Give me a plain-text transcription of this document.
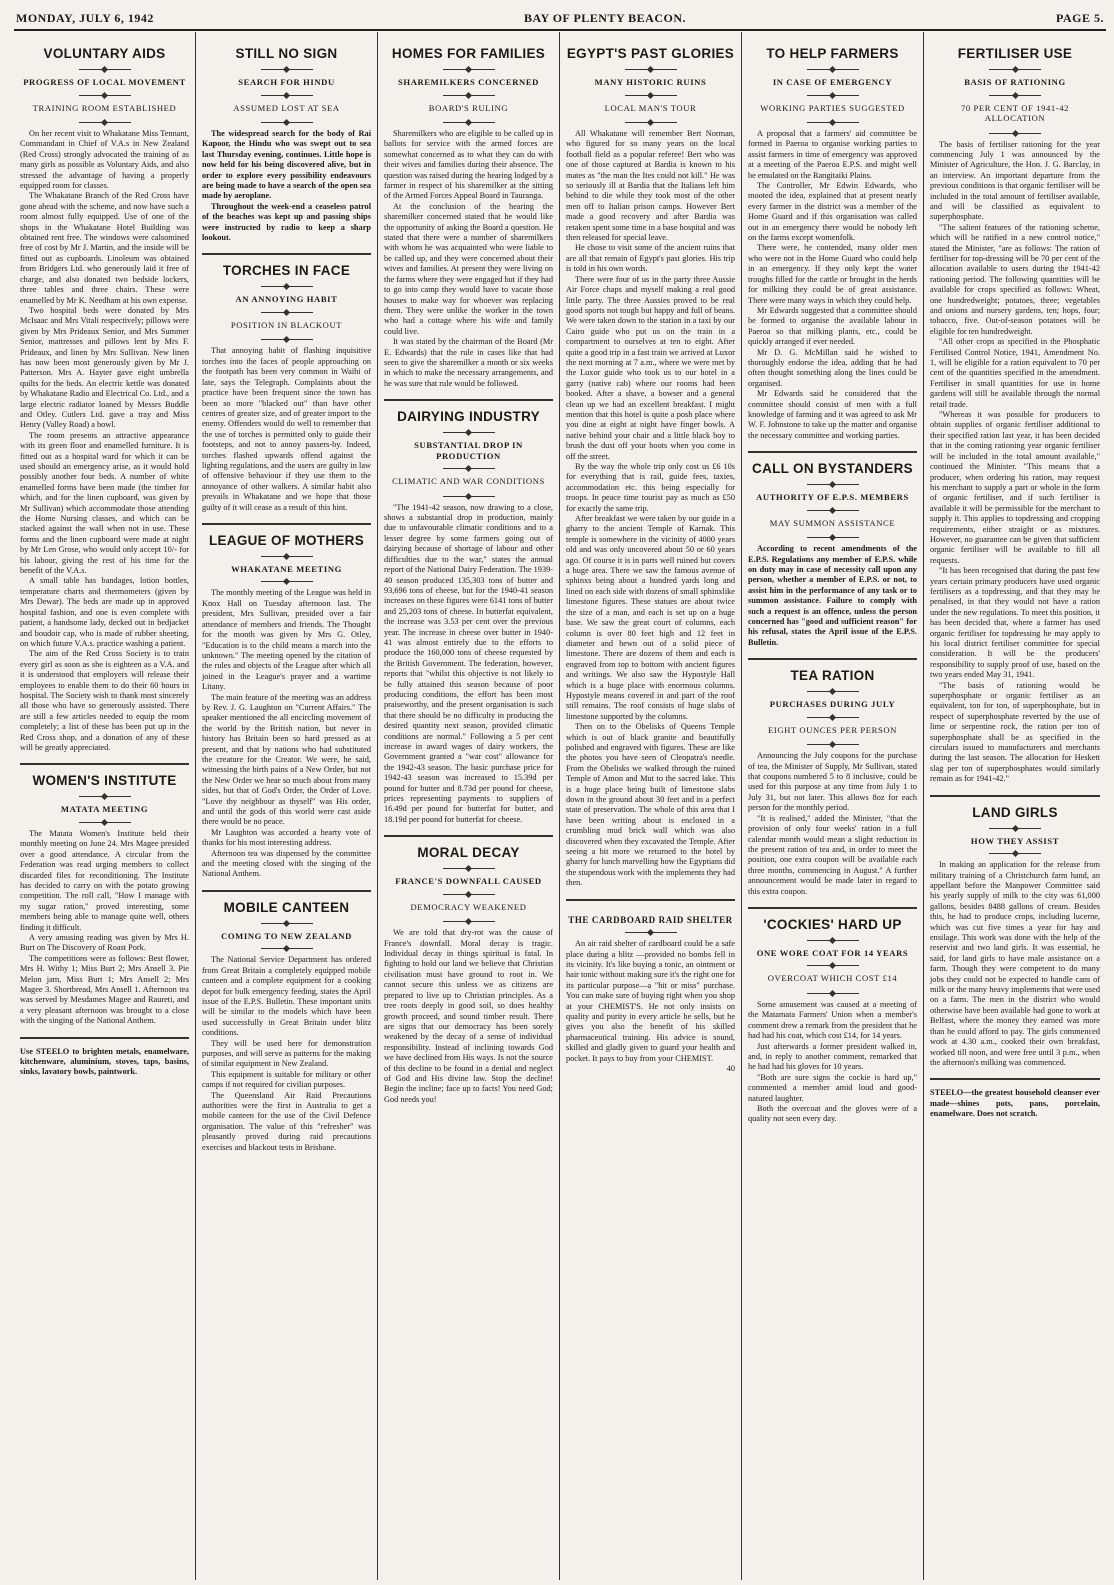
MONDAY, JULY 6, 1942	BAY OF PLENTY BEACON.	PAGE 5.
VOLUNTARY AIDS
PROGRESS OF LOCAL MOVEMENT
TRAINING ROOM ESTABLISHED

On her recent visit to Whakatane Miss Tennant, Commandant in Chief of V.A.s in New Zealand (Red Cross) strongly advocated the training of as many girls as possible as Voluntary Aids, and also stressed the advantage of having a properly equipped room for classes.

The Whakatane Branch of the Red Cross have gone ahead with the scheme, and now have such a room almost fully equipped. Use of one of the shops in the Whakatane Hotel Building was obtained rent free. The windows were calsomined free of cost by Mr J. Martin, and the inside will be fitted out as cupboards. Linoleum was obtained from Bridgers Ltd. who generously laid it free of charge, and also donated two bedside lockers, three tables and three chairs. These were enamelled by Mr K. Needham at his own expense.

Two hospital beds were donated by Mrs McIsaac and Mrs Vitali respectively; pillows were given by Mrs Prideaux Senior, and Mrs Summer Senior, mattresses and pillows lent by Mrs F. Prideaux, and linen by Mrs Sullivan. New linen has now been most generously given by Mr J. Patterson. Mrs A. Hayter gave eight umbrella quilts for the beds. An electric kettle was donated by Whakatane Radio and Electrical Co. Ltd., and a large electric radiator loaned by Messrs Buddle and Otley. Cutlers Ltd. gave a tray and Miss Henry (Valley Road) a bowl.

The room presents an attractive appearance with its green floor and enamelled furniture. It is fitted out as a hospital ward for which it can be used should an emergency arise, as it would hold possibly another four beds. A number of white enamelled forms have been made (the timber for which, and for the linen cupboard, was given by Mr Sullivan) which accommodate those attending the Home Nursing classes, and which can be stacked against the wall when not in use. These forms and the linen cupboard were made at night by Mr Len Grose, who would only accept 10/- for his labour, giving the rest of his time for the benefit of the V.A.s.

A small table has bandages, lotion bottles, temperature charts and thermometers (given by Mrs Dewar). The beds are made up in approved hospital fashion, and one is even complete with patient, a handsome lady, decked out in bedjacket and boudoir cap, who is made of rubber sheeting, on which future V.A.s. practice washing a patient.

The aim of the Red Cross Society is to train every girl as soon as she is eighteen as a V.A. and it is understood that employers will release their employees to enable them to do their 60 hours in hospital. The Society wish to thank most sincerely all those who have so generously assisted. There are still a few articles needed to equip the room completely; a list of these has been put up in the Red Cross shop, and a donation of any of these will be greatly appreciated.

WOMEN'S INSTITUTE
MATATA MEETING

The Matata Women's Institute held their monthly meeting on June 24. Mrs Magee presided over a good attendance. A circular from the Federation was read urging members to collect discarded files for reconditioning. The Institute has decided to carry on with the potato growing competition. The roll call, "How I manage with my sugar ration," proved interesting, some members being able to manage quite well, others finding it difficult.

A very amusing reading was given by Mrs H. Burt on The Discovery of Roast Pork.

The competitions were as follows: Best flower, Mrs H. Withy 1; Miss Burt 2; Mrs Ansell 3. Pie Melon jam, Miss Burt 1; Mrs Ansell 2; Mrs Magee 3. Shortbread, Mrs Ansell 1. Afternoon tea was served by Mesdames Magee and Raureti, and a very pleasant afternoon was brought to a close with the singing of the National Anthem.

Use STEELO to brighten metals, enamelware, kitchenware, aluminium, stoves, taps, basins, sinks, lavatory bowls, paintwork.

STILL NO SIGN
SEARCH FOR HINDU
ASSUMED LOST AT SEA

The widespread search for the body of Rai Kapoor, the Hindu who was swept out to sea last Thursday evening, continues. Little hope is now held for his being discovered alive, but in order to explore every possibility endeavours are being made to have a search of the open sea made by aeroplane.

Throughout the week-end a ceaseless patrol of the beaches was kept up and passing ships were instructed by radio to keep a sharp lookout.

TORCHES IN FACE
AN ANNOYING HABIT
POSITION IN BLACKOUT

That annoying habit of flashing inquisitive torches into the faces of people approaching on the footpath has been very common in Waihi of late, says the Telegraph. Complaints about the practice have been frequent since the town has been so more "blacked out" than have other centres of greater size, and of greater import to the enemy. Offenders would do well to remember that the use of torches is permitted only to guide their footsteps, and not to annoy passers-by. Indeed, torches flashed upwards offend against the lighting regulations, and the users are guilty in law of offensive behaviour if they use them to the annoyance of other walkers. A similar habit also prevails in Whakatane and we hope that those guilty of it will cease as a result of this hint.

LEAGUE OF MOTHERS
WHAKATANE MEETING

The monthly meeting of the League was held in Knox Hall on Tuesday afternoon last. The president, Mrs Sullivan, presided over a fair attendance of members and friends. The Thought for the month was given by Mrs G. Otley, "Education is to the child means a march into the unknown." The meeting opened by the citation of the rules and objects of the League after which all joined in the League's prayer and a wartime Litany.

The main feature of the meeting was an address by Rev. J. G. Laughton on "Current Affairs." The speaker mentioned the all encircling movement of the world by the British nation, but never in history has Britain been so hard pressed as at present, and that by nations who had substituted the creature for the Creator. We were, he said, witnessing the birth pains of a New Order, but not the New Order we hear so much about from many sides, but that of God's Order, the Order of Love. "Love thy neighbour as thyself" was His order, and until the gods of this world were cast aside there would be no peace.

Mr Laughton was accorded a hearty vote of thanks for his most interesting address.

Afternoon tea was dispensed by the committee and the meeting closed with the singing of the National Anthem.

MOBILE CANTEEN
COMING TO NEW ZEALAND

The National Service Department has ordered from Great Britain a completely equipped mobile canteen and a complete equipment for a cooking depot for bulk emergency feeding, states the April issue of the E.P.S. Bulletin. These important units will be similar to the models which have been used successfully in Great Britain under blitz conditions.

They will be used here for demonstration purposes, and will serve as patterns for the making of similar equipment in New Zealand.

This equipment is suitable for military or other camps if not required for civilian purposes.

The Queensland Air Raid Precautions authorities were the first in Australia to get a mobile canteen for the use of the Civil Defence organisation. The value of this "refresher" was pleasantly proved during raid precautions exercises and blackout tests in Brisbane.

HOMES FOR FAMILIES
SHAREMILKERS CONCERNED
BOARD'S RULING

Sharemilkers who are eligible to be called up in ballots for service with the armed forces are somewhat concerned as to what they can do with their wives and families during their absence. The question was raised during the hearing lodged by a farmer in respect of his sharemilker at the sitting of the Armed Forces Appeal Board in Tauranga.

At the conclusion of the hearing the sharemilker concerned stated that he would like the opportunity of asking the Board a question. He stated that there were a number of sharemilkers with whom he was acquainted who were liable to be called up, and they were concerned about their wives and families. At present they were living on the farms where they were engaged but if they had to go into camp they would have to vacate those houses to make way for whoever was replacing them. They were unlike the worker in the town who had a cottage where his wife and family could live.

It was stated by the chairman of the Board (Mr E. Edwards) that the rule in cases like that had seen to give the sharemilker a month or six weeks in which to make the necessary arrangements, and he was sure that rule would be followed.

DAIRYING INDUSTRY
SUBSTANTIAL DROP IN PRODUCTION
CLIMATIC AND WAR CONDITIONS

"The 1941-42 season, now drawing to a close, shows a substantial drop in production, mainly due to unfavourable climatic conditions and to a lesser degree by some farmers going out of dairying because of shortage of labour and other difficulties due to the war," states the annual report of the National Dairy Federation. The 1939-40 season produced 135,303 tons of butter and 93,696 tons of cheese, but for the 1940-41 season increases on these figures were 6141 tons of butter and 25,203 tons of cheese. In butterfat equivalent, the increase was 3.53 per cent over the previous year. The increase in cheese over butter in 1940-41 was almost entirely due to the efforts to produce the 160,000 tons of cheese requested by the British Government. The federation, however, reports that "whilst this objective is not likely to be fully attained this season because of poor producing conditions, the effort has been most praiseworthy, and the present organisation is such that there should be no difficulty in producing the desired quantity next season, provided climatic conditions are normal." Following a 5 per cent increase in award wages of dairy workers, the Government granted a "war cost" allowance for the 1942-43 season. The basic purchase price for 1942-43 season was increased to 15.39d per pound for butter and 8.73d per pound for cheese, prices representing payments to suppliers of 16.49d per pound for butterfat for butter, and 18.19d per pound for butterfat for cheese.

MORAL DECAY
FRANCE'S DOWNFALL CAUSED
DEMOCRACY WEAKENED

We are told that dry-rot was the cause of France's downfall. Moral decay is tragic. Individual decay in things spiritual is fatal. In fighting to hold our land we believe that Christian civilisation must have ground to root in. We cannot secure this unless we as citizens are prepared to live up to Christian principles. As a tree roots deeply in good soil, so does healthy growth proceed, and sound timber result. There are signs that our democracy has been sorely weakened by the decay of a sense of individual responsibility. Instead of inclining towards God we have declined from His ways. Is not the source of this decline to be found in a denial and neglect of God and His divine law. Stop the decline! Begin the incline; face up to facts! You need God; God needs you!

EGYPT'S PAST GLORIES
MANY HISTORIC RUINS
LOCAL MAN'S TOUR

All Whakatane will remember Bert Norman, who figured for so many years on the local football field as a popular referee! Bert who was one of those captured at Bardia is known to his mates as "the man the Ites could not kill." He was so seriously ill at Bardia that the Italians left him behind to die while they took most of the other men off to Italian prison camps. However Bert made a good recovery and after Bardia was retaken spent some time in a base hospital and was then released for special leave.

He chose to visit some of the ancient ruins that are all that remain of Egypt's past glories. His trip is told in his own words.

There were four of us in the party three Aussie Air Force chaps and myself making a real good little party. The three Aussies proved to be real good sports not tough but happy and full of beans. We were taken down to the station in a taxi by our Cairo guide who put us on the train in a compartment to ourselves at ten to eight. After quite a good trip in a fast train we arrived at Luxor the next morning at 7 a.m., where we were met by the Luxor guide who took us to our hotel in a garry (native cab) where our rooms had been booked. After a shave, a bowser and a general clean up we had an excellent breakfast. I might mention that this hotel is quite a posh place where you dine at eight at night have finger bowls. A native behind your chair and a little black boy to brush the dust off your boots when you come in off the street.

By the way the whole trip only cost us £6 10s for everything that is rail, guide fees, taxies, accommodation etc. this being especially for troops. In peace time tourist pay as much as £50 for exactly the same trip.

After breakfast we were taken by our guide in a gharry to the ancient Temple of Karnak. This temple is somewhere in the vicinity of 4000 years old and was only uncovered about 50 or 60 years ago. Of course it is in parts well ruined but covers a huge area. There we saw the famous avenue of sphinxs being about a hundred yards long and lined on each side with dozens of small sphinxlike limestone figures. These statues are about twice the size of a man, and each is set up on a huge base. We saw the great court of columns, each column is over 80 feet high and 12 feet in diameter and hewn out of a solid piece of limestone. There are dozens of them and each is engraved from top to bottom with ancient figures and writings. We also saw the Hypostyle Hall which is a huge place with enormous columns. Hypostyle means covered in and part of the roof still remains. The roof consists of huge slabs of limestone supported by the columns.

Then on to the Obelisks of Queens Temple which is out of black granite and beautifully polished and engraved with figures. These are like the photos you have seen of Cleopatra's needle. From the Obelisks we walked through the ruined Temple of Amon and Mut to the sacred lake. This is a huge place being built of limestone slabs down in the ground about 30 feet and in a perfect state of preservation. The whole of this area that I have been writing about is enclosed in a crumbling mud brick wall which was also discovered when they excavated the Temple. After seeing a bit more we returned to the hotel by gharry for lunch marvelling how the Egyptians did the stupendous work with the implements they had then.

THE CARDBOARD RAID SHELTER

An air raid shelter of cardboard could be a safe place during a blitz —provided no bombs fell in its vicinity. It's like buying a tonic, an ointment or hair tonic without making sure it's the right one for its particular purpose—a "hit or miss" purchase. You can make sure of buying right when you shop at your CHEMIST'S. He not only insists on quality and purity in every article he sells, but he gives you also the benefit of his skilled pharmaceutical training. His advice is sound, skilled and gladly given to guard your health and pocket. It pays to buy from your CHEMIST.

40
TO HELP FARMERS
IN CASE OF EMERGENCY
WORKING PARTIES SUGGESTED

A proposal that a farmers' aid committee be formed in Paeroa to organise working parties to assist farmers in time of emergency was approved at a meeting of the Paeroa E.P.S. and might well be emulated on the Rangitaiki Plains.

The Controller, Mr Edwin Edwards, who mooted the idea, explained that at present nearly every farmer in the district was a member of the Home Guard and if this organisation was called out in an emergency there would be nobody left on the farms except womenfolk.

There were, he contended, many older men who were not in the Home Guard who could help in an emergency. If they only kept the water troughs filled for the cattle or brought in the herds for milking they could be of great assistance. There were many ways in which they could help.

Mr Edwards suggested that a committee should be formed to organise the available labour in Paeroa so that milking plants, etc., could be quickly arranged if ever needed.

Mr D. G. McMillan said he wished to thoroughly endorse the idea, adding that he had often thought something along the lines could be organised.

Mr Edwards said he considered that the committee should consist of men with a full knowledge of farming and it was agreed to ask Mr W. F. Johnstone to take up the matter and organise the necessary committee and working parties.

CALL ON BYSTANDERS
AUTHORITY OF E.P.S. MEMBERS
MAY SUMMON ASSISTANCE

According to recent amendments of the E.P.S. Regulations any member of E.P.S. while on duty may in case of necessity call upon any person, whether a member of E.P.S. or not, to assist him in the performance of any task or to summon assistance. Failure to comply with such a request is an offence, unless the person concerned has "good and sufficient reason" for his refusal, states the April issue of the E.P.S. Bulletin.

TEA RATION
PURCHASES DURING JULY
EIGHT OUNCES PER PERSON

Announcing the July coupons for the purchase of tea, the Minister of Supply, Mr Sullivan, stated that coupons numbered 5 to 8 inclusive, could be used for this purpose at any time from July 1 to July 31, but not later. This allows 8oz for each person for the monthly period.

"It is realised," added the Minister, "that the provision of only four weeks' ration in a full calendar month would mean a slight reduction in the present ration of tea and, in order to meet the position, one extra coupon will be available each three months, commencing in August." A further announcement would be made later in regard to this extra coupon.

'COCKIES' HARD UP
ONE WORE COAT FOR 14 YEARS
OVERCOAT WHICH COST £14

Some amusement was caused at a meeting of the Matamata Farmers' Union when a member's comment drew a remark from the president that he had had his coat, which cost £14, for 14 years.

Just afterwards a former president walked in, and, in reply to another comment, remarked that he had had his gloves for 10 years.

"Both are sure signs the cockie is hard up," commented a member amid loud and good-natured laughter.

Both the overcoat and the gloves were of a quality not seen every day.

FERTILISER USE
BASIS OF RATIONING
70 PER CENT OF 1941-42 ALLOCATION

The basis of fertiliser rationing for the year commencing July 1 was announced by the Minister of Agriculture, the Hon. J. G. Barclay, in an interview. An important departure from the previous conditions is that organic fertiliser will be included in the total amount of fertiliser available, and will be classified as equivalent to superphosphate.

"The salient features of the rationing scheme, which will be ratified in a new control notice," stated the Minister, "are as follows: The ration of fertiliser for top-dressing will be 70 per cent of the allocation available to users during the 1941-42 rationing period. The following quantities will be available for crops specified as follows: Wheat, one hundredweight; potatoes, three; vegetables and onions and nursery gardens, ten; hops, four; tobacco, five. Out-of-season potatoes will be eligible for ten hundredweight.

"All other crops as specified in the Phosphatic Fertilised Control Notice, 1941, Amendment No. 1, will be eligible for a ration equivalent to 70 per cent of the quantities specified in the amendment. Fertiliser in small quantities for use in home gardens will still be available through the normal retail trade.

"Whereas it was possible for producers to obtain supplies of organic fertiliser additional to their specified ration last year, it has been decided that in the coming rationing year organic fertiliser will be included in the total amount available," continued the Minister. "This means that a producer, when ordering his ration, may request his merchant to supply a part or whole in the form of organic fertiliser, and if such fertiliser is available it will be permissible for the merchant to supply it. This applies to topdressing and cropping requirements, either straight or as mixtures. However, no guarantee can be given that sufficient organic fertiliser will be available to fill all requests.

"It has been recognised that during the past few years certain primary producers have used organic fertilisers as a topdressing, and that they may be penalised, in that they would not have a ration under the new regulations. To meet this position, it has been decided that, where a farmer has used organic fertiliser for topdressing he may apply to his local district fertiliser committee for special consideration. It will be the producers' responsibility to supply proof of use, based on the two years ended May 31, 1941.

"The basis of rationing would be superphosphate or organic fertiliser as an equivalent, ton for ton, of superphosphate, but in respect of superphosphate reverted by the use of lime or serpentine rock, the ration per ton of superphosphate shall be as specified in the circulars issued to manufacturers and merchants during the last season. The allocation for Heskett slag per ton of superphosphates would similarly remain as for 1941-42."

LAND GIRLS
HOW THEY ASSIST

In making an application for the release from military training of a Christchurch farm hand, an appellant before the Manpower Committee said his yearly supply of milk to the city was 61,000 gallons, besides 8488 gallons of cream. Besides this, he had to produce crops, including lucerne, which was cut five times a year for hay and ensilage. This work was done with the help of the reservist and two land girls. It was essential, he said, for land girls to have male assistance on a farm. Though they were competent to do many jobs they could not be expected to handle cans of milk or the many heavy implements that were used on a farm. The men in the district who would otherwise have been available had gone to work at Belfast, where the money they earned was more than he could afford to pay. The girls commenced work at 4.30 a.m., cooked their own breakfast, worked till noon, and were free until 3 p.m., when the afternoon's milking was commenced.

STEELO—the greatest household cleanser ever made—shines pots, pans, porcelain, enamelware. Does not scratch.
